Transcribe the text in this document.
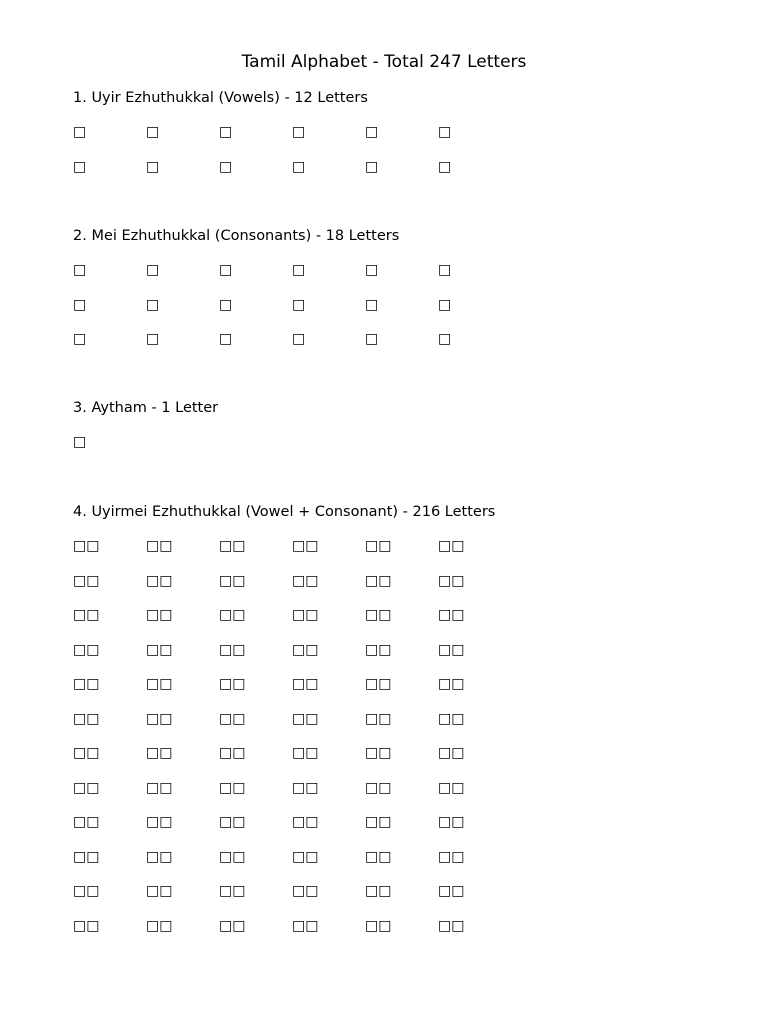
Tamil Alphabet - Total 247 Letters
1. Uyir Ezhuthukkal (Vowels) - 12 Letters
□	□	□	□	□	□
□	□	□	□	□	□
2. Mei Ezhuthukkal (Consonants) - 18 Letters
□	□	□	□	□	□
□	□	□	□	□	□
□	□	□	□	□	□
3. Aytham - 1 Letter
□
4. Uyirmei Ezhuthukkal (Vowel + Consonant) - 216 Letters
□□	□□	□□	□□	□□	□□
□□	□□	□□	□□	□□	□□
□□	□□	□□	□□	□□	□□
□□	□□	□□	□□	□□	□□
□□	□□	□□	□□	□□	□□
□□	□□	□□	□□	□□	□□
□□	□□	□□	□□	□□	□□
□□	□□	□□	□□	□□	□□
□□	□□	□□	□□	□□	□□
□□	□□	□□	□□	□□	□□
□□	□□	□□	□□	□□	□□
□□	□□	□□	□□	□□	□□
